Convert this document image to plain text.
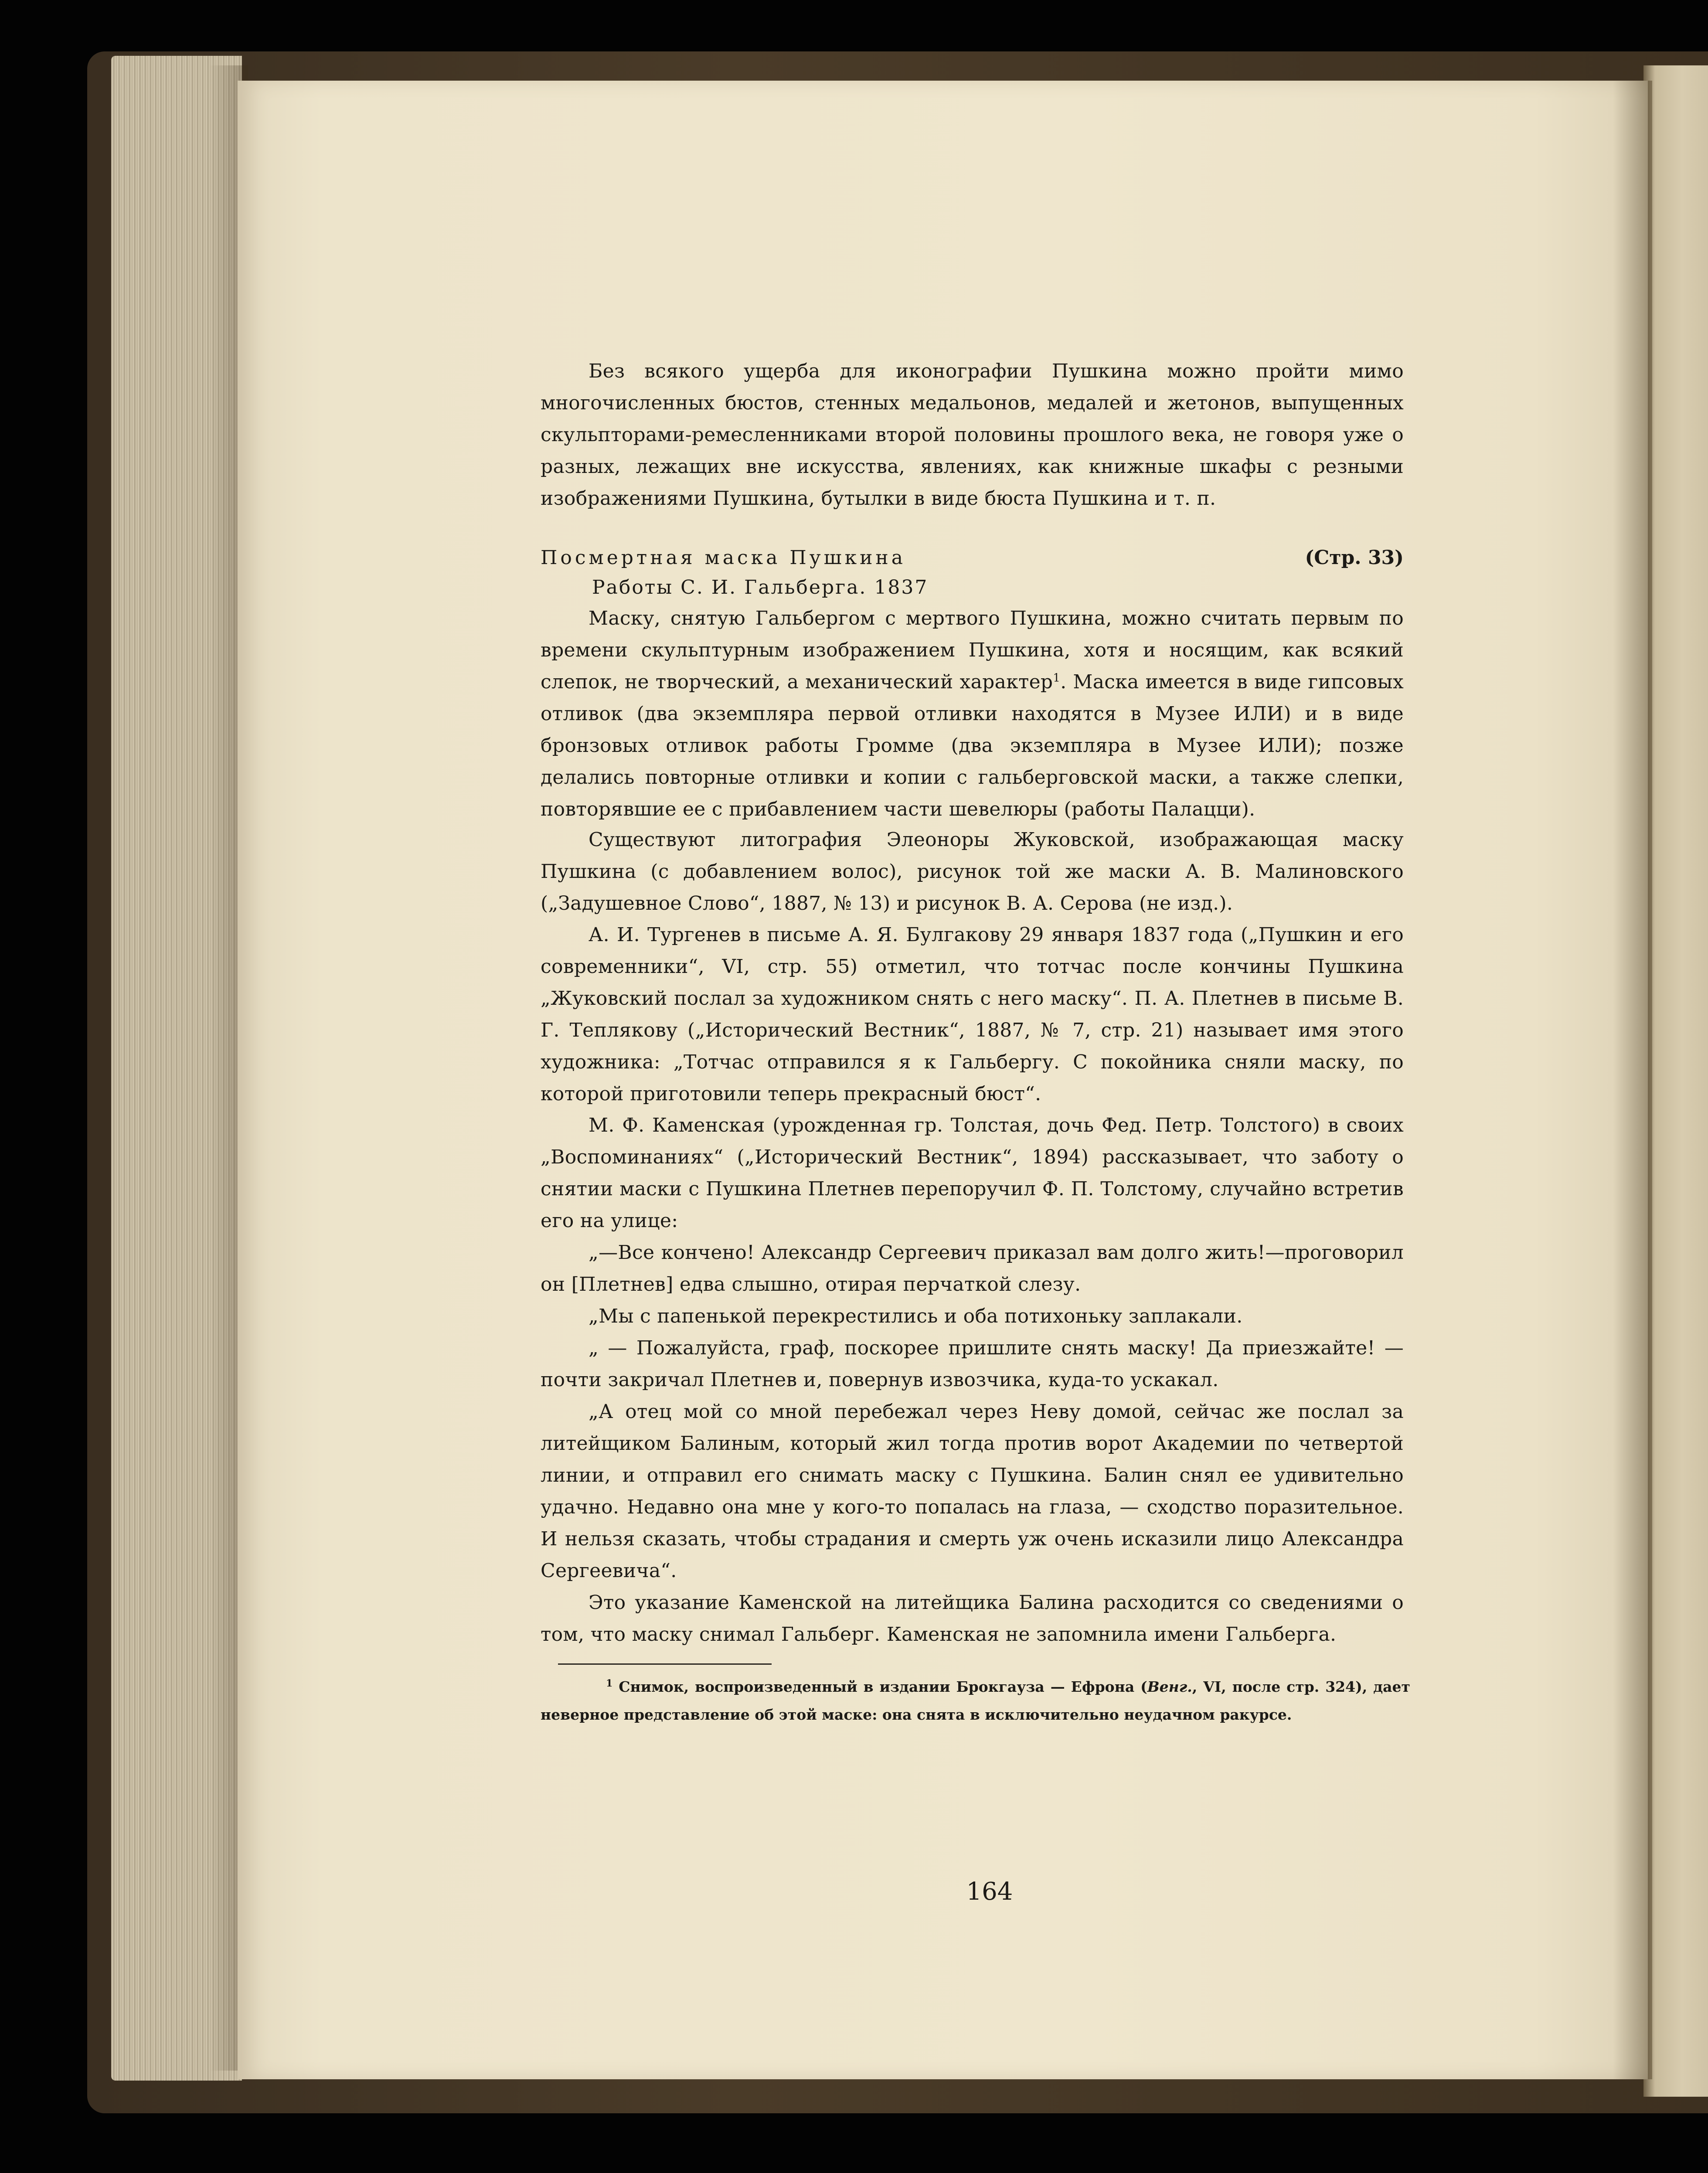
Без всякого ущерба для иконографии Пушкина можно пройти мимо многочисленных бюстов, стенных медальонов, медалей и жетонов, выпущенных скульпторами-ремесленниками второй половины прошлого века, не говоря уже о разных, лежащих вне искусства, явлениях, как книжные шкафы с резными изображениями Пушкина, бутылки в виде бюста Пушкина и т. п.

Посмертная маска Пушкина	(Стр. 33)
Работы С. И. Гальберга. 1837

Маску, снятую Гальбергом с мертвого Пушкина, можно считать первым по времени скульптурным изображением Пушкина, хотя и носящим, как всякий слепок, не творческий, а механический характер$^1$. Маска имеется в виде гипсовых отливок (два экземпляра первой отливки находятся в Музее ИЛИ) и в виде бронзовых отливок работы Громме (два экземпляра в Музее ИЛИ); позже делались повторные отливки и копии с гальберговской маски, а также слепки, повторявшие ее с прибавлением части шевелюры (работы Палацци).

Существуют литография Элеоноры Жуковской, изображающая маску Пушкина (с добавлением волос), рисунок той же маски А. В. Малиновского („Задушевное Слово“, 1887, № 13) и рисунок В. А. Серова (не изд.).

А. И. Тургенев в письме А. Я. Булгакову 29 января 1837 года („Пушкин и его современники“, VI, стр. 55) отметил, что тотчас после кончины Пушкина „Жуковский послал за художником снять с него маску“. П. А. Плетнев в письме В. Г. Теплякову („Исторический Вестник“, 1887, № 7, стр. 21) называет имя этого художника: „Тотчас отправился я к Гальбергу. С покойника сняли маску, по которой приготовили теперь прекрасный бюст“.

М. Ф. Каменская (урожденная гр. Толстая, дочь Фед. Петр. Толстого) в своих „Воспоминаниях“ („Исторический Вестник“, 1894) рассказывает, что заботу о снятии маски с Пушкина Плетнев перепоручил Ф. П. Толстому, случайно встретив его на улице:

„—Все кончено! Александр Сергеевич приказал вам долго жить!—проговорил он [Плетнев] едва слышно, отирая перчаткой слезу.

„Мы с папенькой перекрестились и оба потихоньку заплакали.

„ — Пожалуйста, граф, поскорее пришлите снять маску! Да приезжайте! — почти закричал Плетнев и, повернув извозчика, куда-то ускакал.

„А отец мой со мной перебежал через Неву домой, сейчас же послал за литейщиком Балиным, который жил тогда против ворот Академии по четвертой линии, и отправил его снимать маску с Пушкина. Балин снял ее удивительно удачно. Недавно она мне у кого-то попалась на глаза, — сходство поразительное. И нельзя сказать, чтобы страдания и смерть уж очень исказили лицо Александра Сергеевича“.

Это указание Каменской на литейщика Балина расходится со сведениями о том, что маску снимал Гальберг. Каменская не запомнила имени Гальберга.

$^1$ Снимок, воспроизведенный в издании Брокгауза — Ефрона (Венг., VI, после стр. 324), дает неверное представление об этой маске: она снята в исключительно неудачном ракурсе.

164
